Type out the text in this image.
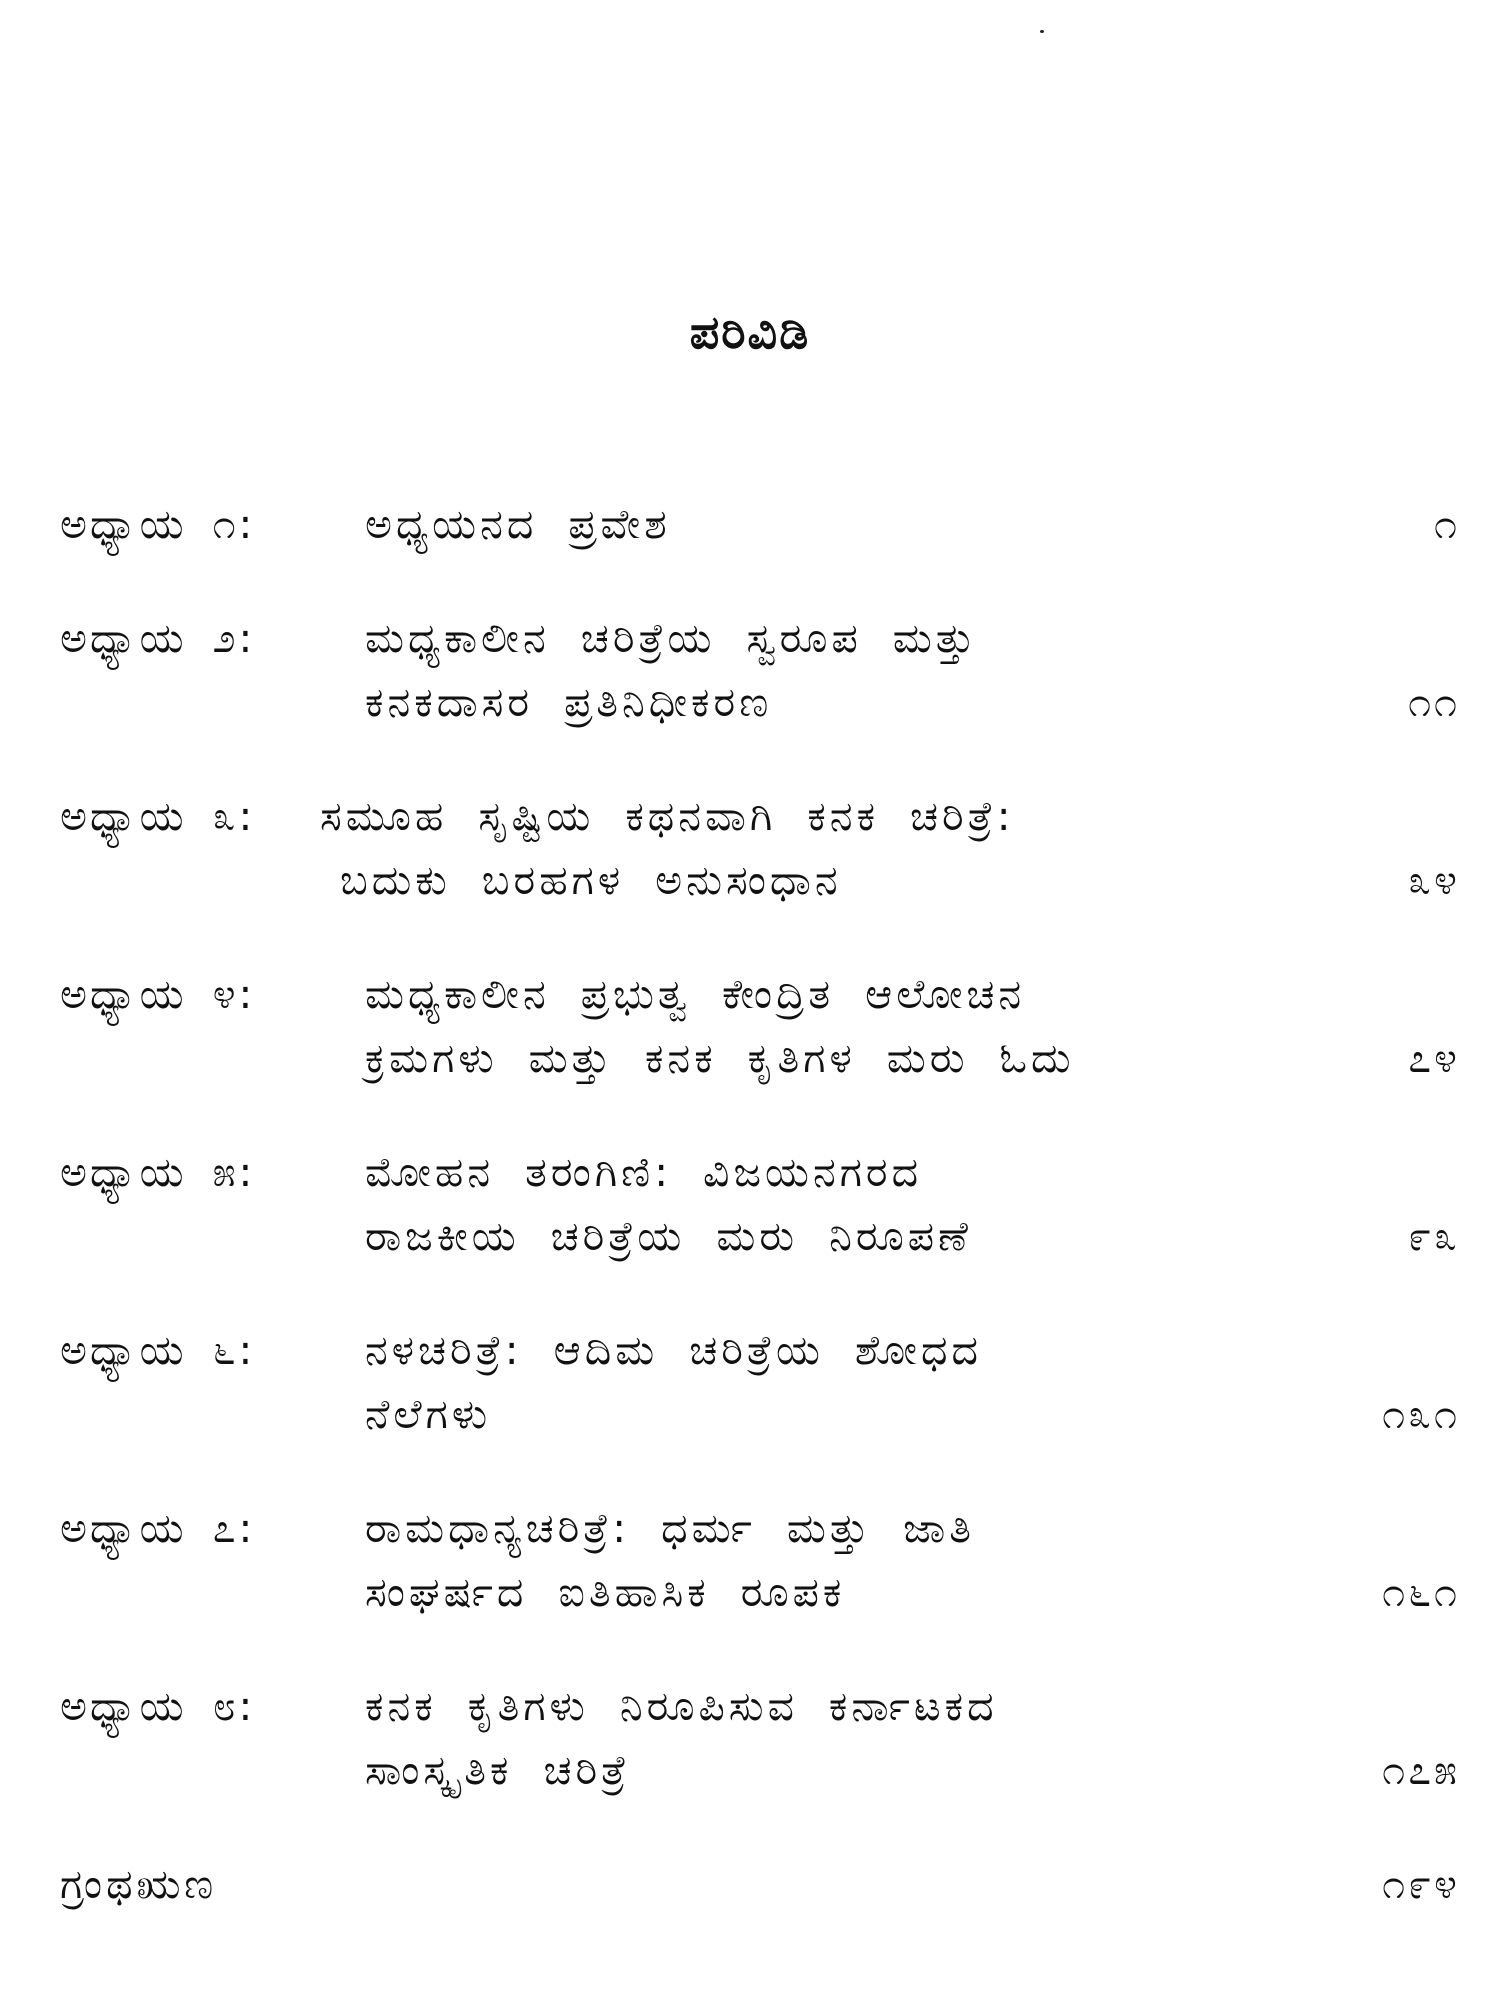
ಪರಿವಿಡಿ
ಅಧ್ಯಾಯ ೧:	ಅಧ್ಯಯನದ ಪ್ರವೇಶ	೧
ಅಧ್ಯಾಯ ೨:	ಮಧ್ಯಕಾಲೀನ ಚರಿತ್ರೆಯ ಸ್ವರೂಪ ಮತ್ತು
ಕನಕದಾಸರ ಪ್ರತಿನಿಧೀಕರಣ	೧೧
ಅಧ್ಯಾಯ ೩:	ಸಮೂಹ ಸೃಷ್ಟಿಯ ಕಥನವಾಗಿ ಕನಕ ಚರಿತ್ರೆ:
ಬದುಕು ಬರಹಗಳ ಅನುಸಂಧಾನ	೩೪
ಅಧ್ಯಾಯ ೪:	ಮಧ್ಯಕಾಲೀನ ಪ್ರಭುತ್ವ ಕೇಂದ್ರಿತ ಆಲೋಚನ
ಕ್ರಮಗಳು ಮತ್ತು ಕನಕ ಕೃತಿಗಳ ಮರು ಓದು	೭೪
ಅಧ್ಯಾಯ ೫:	ಮೋಹನ ತರಂಗಿಣಿ: ವಿಜಯನಗರದ
ರಾಜಕೀಯ ಚರಿತ್ರೆಯ ಮರು ನಿರೂಪಣೆ	೯೩
ಅಧ್ಯಾಯ ೬:	ನಳಚರಿತ್ರೆ: ಆದಿಮ ಚರಿತ್ರೆಯ ಶೋಧದ
ನೆಲೆಗಳು	೧೩೧
ಅಧ್ಯಾಯ ೭:	ರಾಮಧಾನ್ಯಚರಿತ್ರೆ: ಧರ್ಮ ಮತ್ತು ಜಾತಿ
ಸಂಘರ್ಷದ ಐತಿಹಾಸಿಕ ರೂಪಕ	೧೬೧
ಅಧ್ಯಾಯ ೮:	ಕನಕ ಕೃತಿಗಳು ನಿರೂಪಿಸುವ ಕರ್ನಾಟಕದ
ಸಾಂಸ್ಕೃತಿಕ ಚರಿತ್ರೆ	೧೭೫
ಗ್ರಂಥಋಣ	೧೯೪
